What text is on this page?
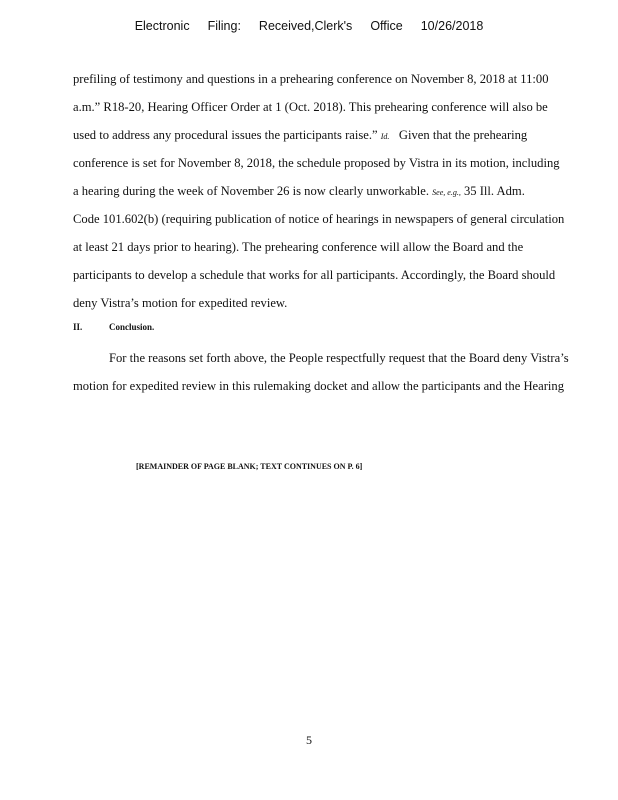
Electronic Filing: Received,Clerk's Office 10/26/2018
prefiling of testimony and questions in a prehearing conference on November 8, 2018 at 11:00
a.m.” R18-20, Hearing Officer Order at 1 (Oct. 2018). This prehearing conference will also be
used to address any procedural issues the participants raise.” Id. Given that the prehearing
conference is set for November 8, 2018, the schedule proposed by Vistra in its motion, including
a hearing during the week of November 26 is now clearly unworkable. See, e.g., 35 Ill. Adm.
Code 101.602(b) (requiring publication of notice of hearings in newspapers of general circulation
at least 21 days prior to hearing). The prehearing conference will allow the Board and the
participants to develop a schedule that works for all participants. Accordingly, the Board should
deny Vistra’s motion for expedited review.
II.	Conclusion.
For the reasons set forth above, the People respectfully request that the Board deny Vistra’s
motion for expedited review in this rulemaking docket and allow the participants and the Hearing
[REMAINDER OF PAGE BLANK; TEXT CONTINUES ON P. 6]
5
